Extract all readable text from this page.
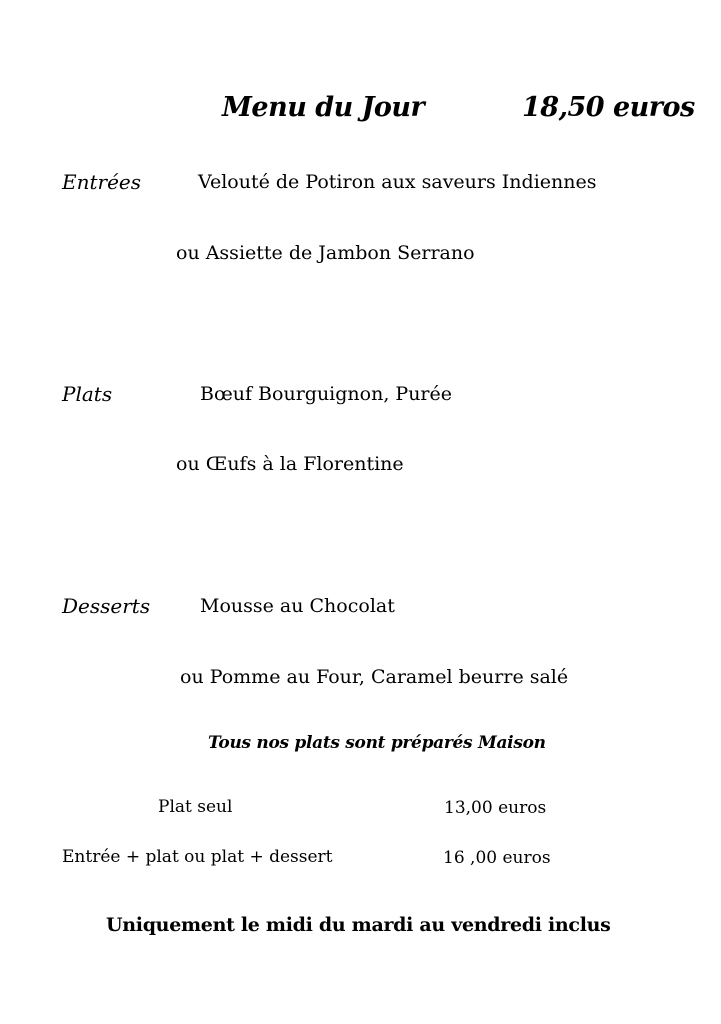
Menu du Jour	18,50 euros
Entrées	Velouté de Potiron aux saveurs Indiennes
ou Assiette de Jambon Serrano
Plats	Bœuf Bourguignon, Purée
ou Œufs à la Florentine
Desserts	Mousse au Chocolat
ou Pomme au Four, Caramel beurre salé
Tous nos plats sont préparés Maison
Plat seul	13,00 euros
Entrée + plat ou plat + dessert	16 ,00 euros
Uniquement le midi du mardi au vendredi inclus
